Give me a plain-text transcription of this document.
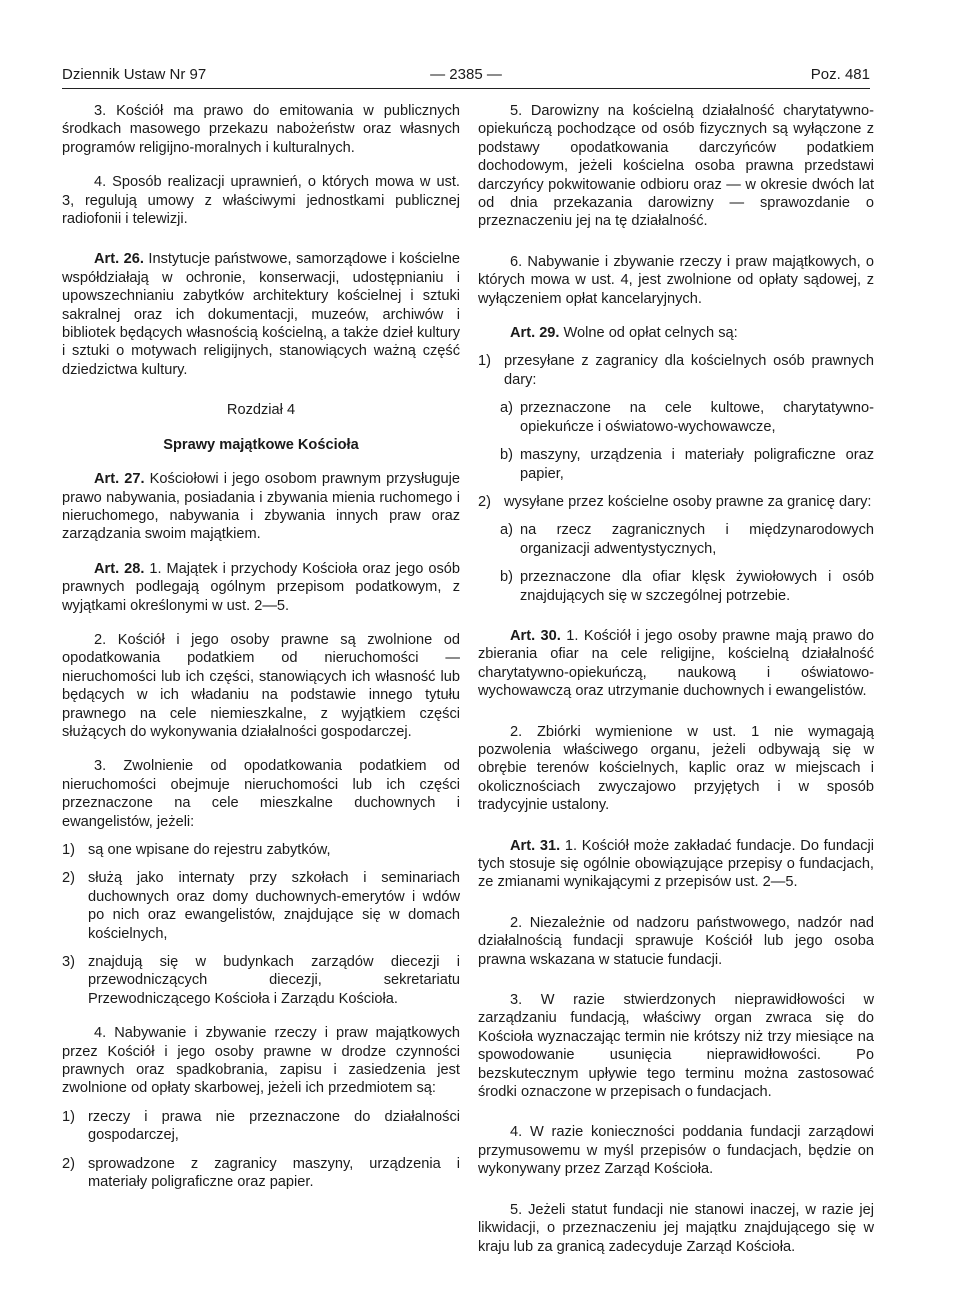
Dziennik Ustaw Nr 97	— 2385 —	Poz. 481

3. Kościół ma prawo do emitowania w publicznych środkach masowego przekazu nabożeństw oraz własnych programów religijno-moralnych i kulturalnych.

4. Sposób realizacji uprawnień, o których mowa w ust. 3, regulują umowy z właściwymi jednostkami publicznej radiofonii i telewizji.

Art. 26. Instytucje państwowe, samorządowe i kościelne współdziałają w ochronie, konserwacji, udostępnianiu i upowszechnianiu zabytków architektury kościelnej i sztuki sakralnej oraz ich dokumentacji, muzeów, archiwów i bibliotek będących własnością kościelną, a także dzieł kultury i sztuki o motywach religijnych, stanowiących ważną część dziedzictwa kultury.

Rozdział 4

Sprawy majątkowe Kościoła

Art. 27. Kościołowi i jego osobom prawnym przysługuje prawo nabywania, posiadania i zbywania mienia ruchomego i nieruchomego, nabywania i zbywania innych praw oraz zarządzania swoim majątkiem.

Art. 28. 1. Majątek i przychody Kościoła oraz jego osób prawnych podlegają ogólnym przepisom podatkowym, z wyjątkami określonymi w ust. 2—5.

2. Kościół i jego osoby prawne są zwolnione od opodatkowania podatkiem od nieruchomości — nieruchomości lub ich części, stanowiących ich własność lub będących w ich władaniu na podstawie innego tytułu prawnego na cele niemieszkalne, z wyjątkiem części służących do wykonywania działalności gospodarczej.

3. Zwolnienie od opodatkowania podatkiem od nieruchomości obejmuje nieruchomości lub ich części przeznaczone na cele mieszkalne duchownych i ewangelistów, jeżeli:

1) są one wpisane do rejestru zabytków,
2) służą jako internaty przy szkołach i seminariach duchownych oraz domy duchownych-emerytów i wdów po nich oraz ewangelistów, znajdujące się w domach kościelnych,
3) znajdują się w budynkach zarządów diecezji i przewodniczących diecezji, sekretariatu Przewodniczącego Kościoła i Zarządu Kościoła.

4. Nabywanie i zbywanie rzeczy i praw majątkowych przez Kościół i jego osoby prawne w drodze czynności prawnych oraz spadkobrania, zapisu i zasiedzenia jest zwolnione od opłaty skarbowej, jeżeli ich przedmiotem są:

1) rzeczy i prawa nie przeznaczone do działalności gospodarczej,
2) sprowadzone z zagranicy maszyny, urządzenia i materiały poligraficzne oraz papier.

5. Darowizny na kościelną działalność charytatywno-opiekuńczą pochodzące od osób fizycznych są wyłączone z podstawy opodatkowania darczyńców podatkiem dochodowym, jeżeli kościelna osoba prawna przedstawi darczyńcy pokwitowanie odbioru oraz — w okresie dwóch lat od dnia przekazania darowizny — sprawozdanie o przeznaczeniu jej na tę działalność.

6. Nabywanie i zbywanie rzeczy i praw majątkowych, o których mowa w ust. 4, jest zwolnione od opłaty sądowej, z wyłączeniem opłat kancelaryjnych.

Art. 29. Wolne od opłat celnych są:

1) przesyłane z zagranicy dla kościelnych osób prawnych dary:
a) przeznaczone na cele kultowe, charytatywno-opiekuńcze i oświatowo-wychowawcze,
b) maszyny, urządzenia i materiały poligraficzne oraz papier,
2) wysyłane przez kościelne osoby prawne za granicę dary:
a) na rzecz zagranicznych i międzynarodowych organizacji adwentystycznych,
b) przeznaczone dla ofiar klęsk żywiołowych i osób znajdujących się w szczególnej potrzebie.

Art. 30. 1. Kościół i jego osoby prawne mają prawo do zbierania ofiar na cele religijne, kościelną działalność charytatywno-opiekuńczą, naukową i oświatowo-wychowawczą oraz utrzymanie duchownych i ewangelistów.

2. Zbiórki wymienione w ust. 1 nie wymagają pozwolenia właściwego organu, jeżeli odbywają się w obrębie terenów kościelnych, kaplic oraz w miejscach i okolicznościach zwyczajowo przyjętych i w sposób tradycyjnie ustalony.

Art. 31. 1. Kościół może zakładać fundacje. Do fundacji tych stosuje się ogólnie obowiązujące przepisy o fundacjach, ze zmianami wynikającymi z przepisów ust. 2—5.

2. Niezależnie od nadzoru państwowego, nadzór nad działalnością fundacji sprawuje Kościół lub jego osoba prawna wskazana w statucie fundacji.

3. W razie stwierdzonych nieprawidłowości w zarządzaniu fundacją, właściwy organ zwraca się do Kościoła wyznaczając termin nie krótszy niż trzy miesiące na spowodowanie usunięcia nieprawidłowości. Po bezskutecznym upływie tego terminu można zastosować środki oznaczone w przepisach o fundacjach.

4. W razie konieczności poddania fundacji zarządowi przymusowemu w myśl przepisów o fundacjach, będzie on wykonywany przez Zarząd Kościoła.

5. Jeżeli statut fundacji nie stanowi inaczej, w razie jej likwidacji, o przeznaczeniu jej majątku znajdującego się w kraju lub za granicą zadecyduje Zarząd Kościoła.
